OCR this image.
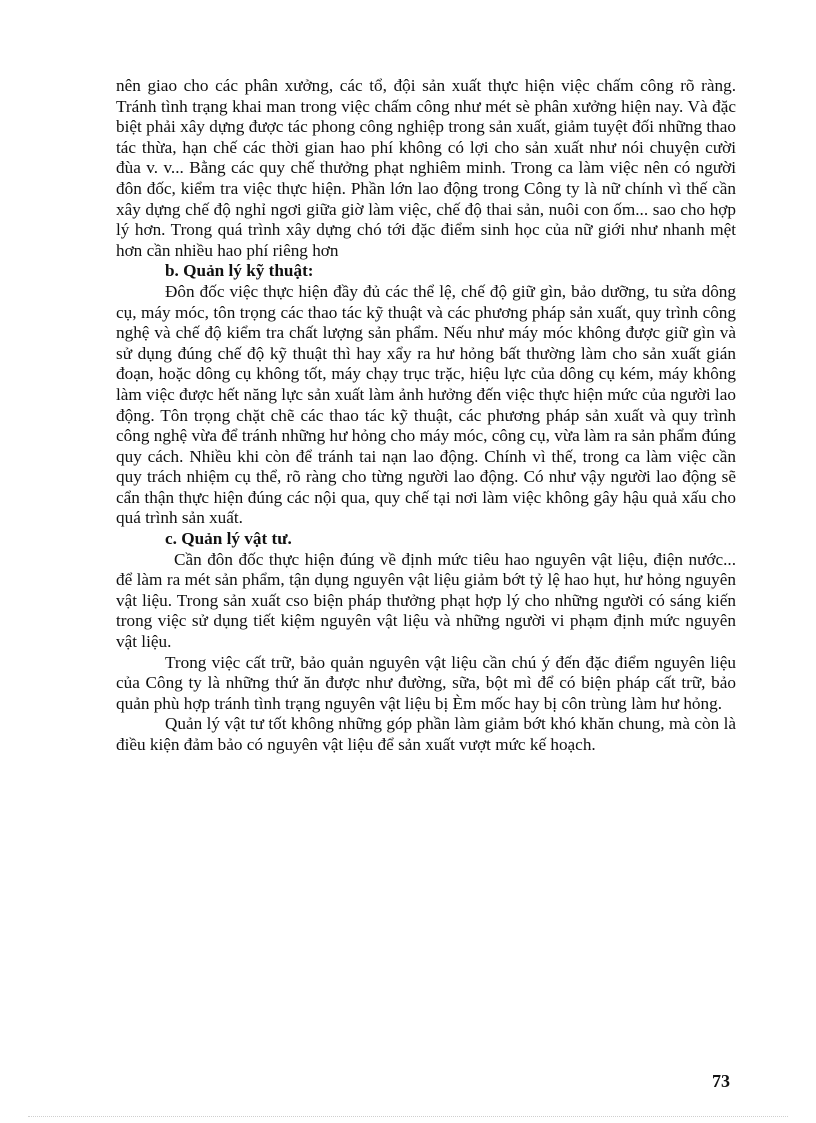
nên giao cho các phân xưởng, các tổ, đội sản xuất thực hiện việc chấm công rõ ràng. Tránh tình trạng khai man trong việc chấm công như mét sè phân xưởng hiện nay. Và đặc biệt phải xây dựng được tác phong công nghiệp trong sản xuất, giảm tuyệt đối những thao tác thừa, hạn chế các thời gian hao phí không có lợi cho sản xuất như nói chuyện cười đùa v. v... Bằng các quy chế thưởng phạt nghiêm minh. Trong ca làm việc nên có người đôn đốc, kiểm tra việc thực hiện. Phần lớn lao động trong Công ty là nữ chính vì thế cần xây dựng chế độ nghỉ ngơi giữa giờ làm việc, chế độ thai sản, nuôi con ốm... sao cho hợp lý hơn. Trong quá trình xây dựng chó tới đặc điểm sinh học của nữ giới như nhanh mệt hơn cần nhiều hao phí riêng hơn

b. Quản lý kỹ thuật:

Đôn đốc việc thực hiện đầy đủ các thể lệ, chế độ giữ gìn, bảo dưỡng, tu sửa dông cụ, máy móc, tôn trọng các thao tác kỹ thuật và các phương pháp sản xuất, quy trình công nghệ và chế độ kiểm tra chất lượng sản phẩm. Nếu như máy móc không được giữ gìn và sử dụng đúng chế độ kỹ thuật thì hay xẩy ra hư hỏng bất thường làm cho sản xuất gián đoạn, hoặc dông cụ không tốt, máy chạy trục trặc, hiệu lực của dông cụ kém, máy không làm việc được hết năng lực sản xuất làm ảnh hưởng đến việc thực hiện mức của người lao động. Tôn trọng chặt chẽ các thao tác kỹ thuật, các phương pháp sản xuất và quy trình công nghệ vừa để tránh những hư hỏng cho máy móc, công cụ, vừa làm ra sản phẩm đúng quy cách. Nhiều khi còn để tránh tai nạn lao động. Chính vì thế, trong ca làm việc cần quy trách nhiệm cụ thể, rõ ràng cho từng người lao động. Có như vậy người lao động sẽ cẩn thận thực hiện đúng các nội qua, quy chế tại nơi làm việc không gây hậu quả xấu cho quá trình sản xuất.

c. Quản lý vật tư.

Cần đôn đốc thực hiện đúng về định mức tiêu hao nguyên vật liệu, điện nước... để làm ra mét sản phẩm, tận dụng nguyên vật liệu giảm bớt tỷ lệ hao hụt, hư hỏng nguyên vật liệu. Trong sản xuất cso biện pháp thưởng phạt hợp lý cho những người có sáng kiến trong việc sử dụng tiết kiệm nguyên vật liệu và những người vi phạm định mức nguyên vật liệu.

Trong việc cất trữ, bảo quản nguyên vật liệu cần chú ý đến đặc điểm nguyên liệu của Công ty là những thứ ăn được như đường, sữa, bột mì để có biện pháp cất trữ, bảo quản phù hợp tránh tình trạng nguyên vật liệu bị Èm mốc hay bị côn trùng làm hư hỏng.

Quản lý vật tư tốt không những góp phần làm giảm bớt khó khăn chung, mà còn là điều kiện đảm bảo có nguyên vật liệu để sản xuất vượt mức kế hoạch.

73
